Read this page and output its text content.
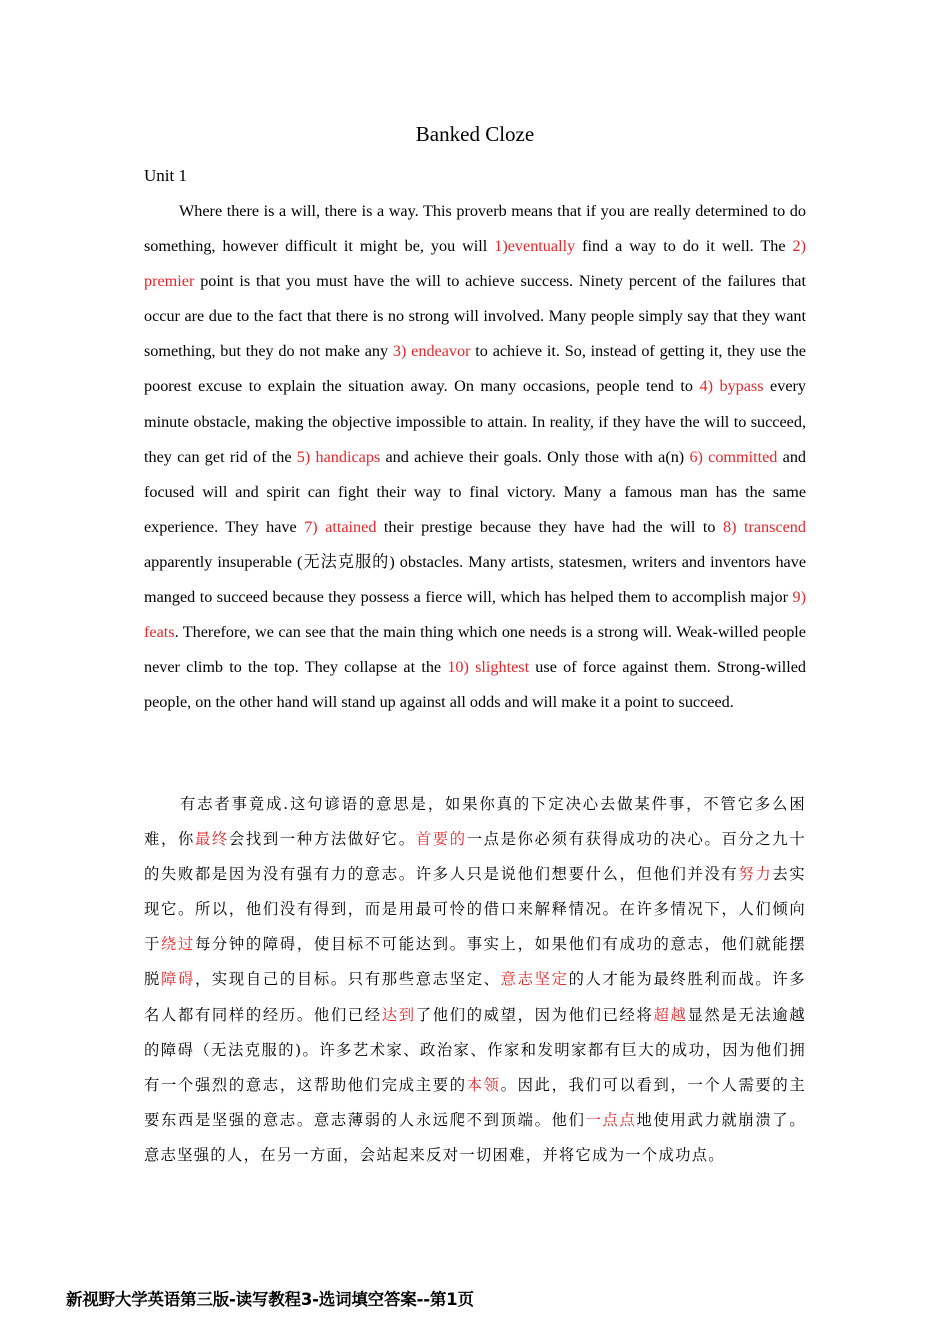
Banked Cloze
Unit 1

Where there is a will, there is a way. This proverb means that if you are really determined to do something, however difficult it might be, you will 1)eventually find a way to do it well. The 2) premier point is that you must have the will to achieve success. Ninety percent of the failures that occur are due to the fact that there is no strong will involved. Many people simply say that they want something, but they do not make any 3) endeavor to achieve it. So, instead of getting it, they use the poorest excuse to explain the situation away. On many occasions, people tend to 4) bypass every minute obstacle, making the objective impossible to attain. In reality, if they have the will to succeed, they can get rid of the 5) handicaps and achieve their goals. Only those with a(n) 6) committed and focused will and spirit can fight their way to final victory. Many a famous man has the same experience. They have 7) attained their prestige because they have had the will to 8) transcend apparently insuperable (无法克服的) obstacles. Many artists, statesmen, writers and inventors have manged to succeed because they possess a fierce will, which has helped them to accomplish major 9) feats. Therefore, we can see that the main thing which one needs is a strong will. Weak-willed people never climb to the top. They collapse at the 10) slightest use of force against them. Strong-willed people, on the other hand will stand up against all odds and will make it a point to succeed.

有志者事竟成.这句谚语的意思是，如果你真的下定决心去做某件事，不管它多么困难，你最终会找到一种方法做好它。首要的一点是你必须有获得成功的决心。百分之九十的失败都是因为没有强有力的意志。许多人只是说他们想要什么，但他们并没有努力去实现它。所以，他们没有得到，而是用最可怜的借口来解释情况。在许多情况下，人们倾向于绕过每分钟的障碍，使目标不可能达到。事实上，如果他们有成功的意志，他们就能摆脱障碍，实现自己的目标。只有那些意志坚定、意志坚定的人才能为最终胜利而战。许多名人都有同样的经历。他们已经达到了他们的威望，因为他们已经将超越显然是无法逾越的障碍（无法克服的)。许多艺术家、政治家、作家和发明家都有巨大的成功，因为他们拥有一个强烈的意志，这帮助他们完成主要的本领。因此，我们可以看到，一个人需要的主要东西是坚强的意志。意志薄弱的人永远爬不到顶端。他们一点点地使用武力就崩溃了。意志坚强的人，在另一方面，会站起来反对一切困难，并将它成为一个成功点。

新视野大学英语第三版-读写教程3-选词填空答案--第1页
